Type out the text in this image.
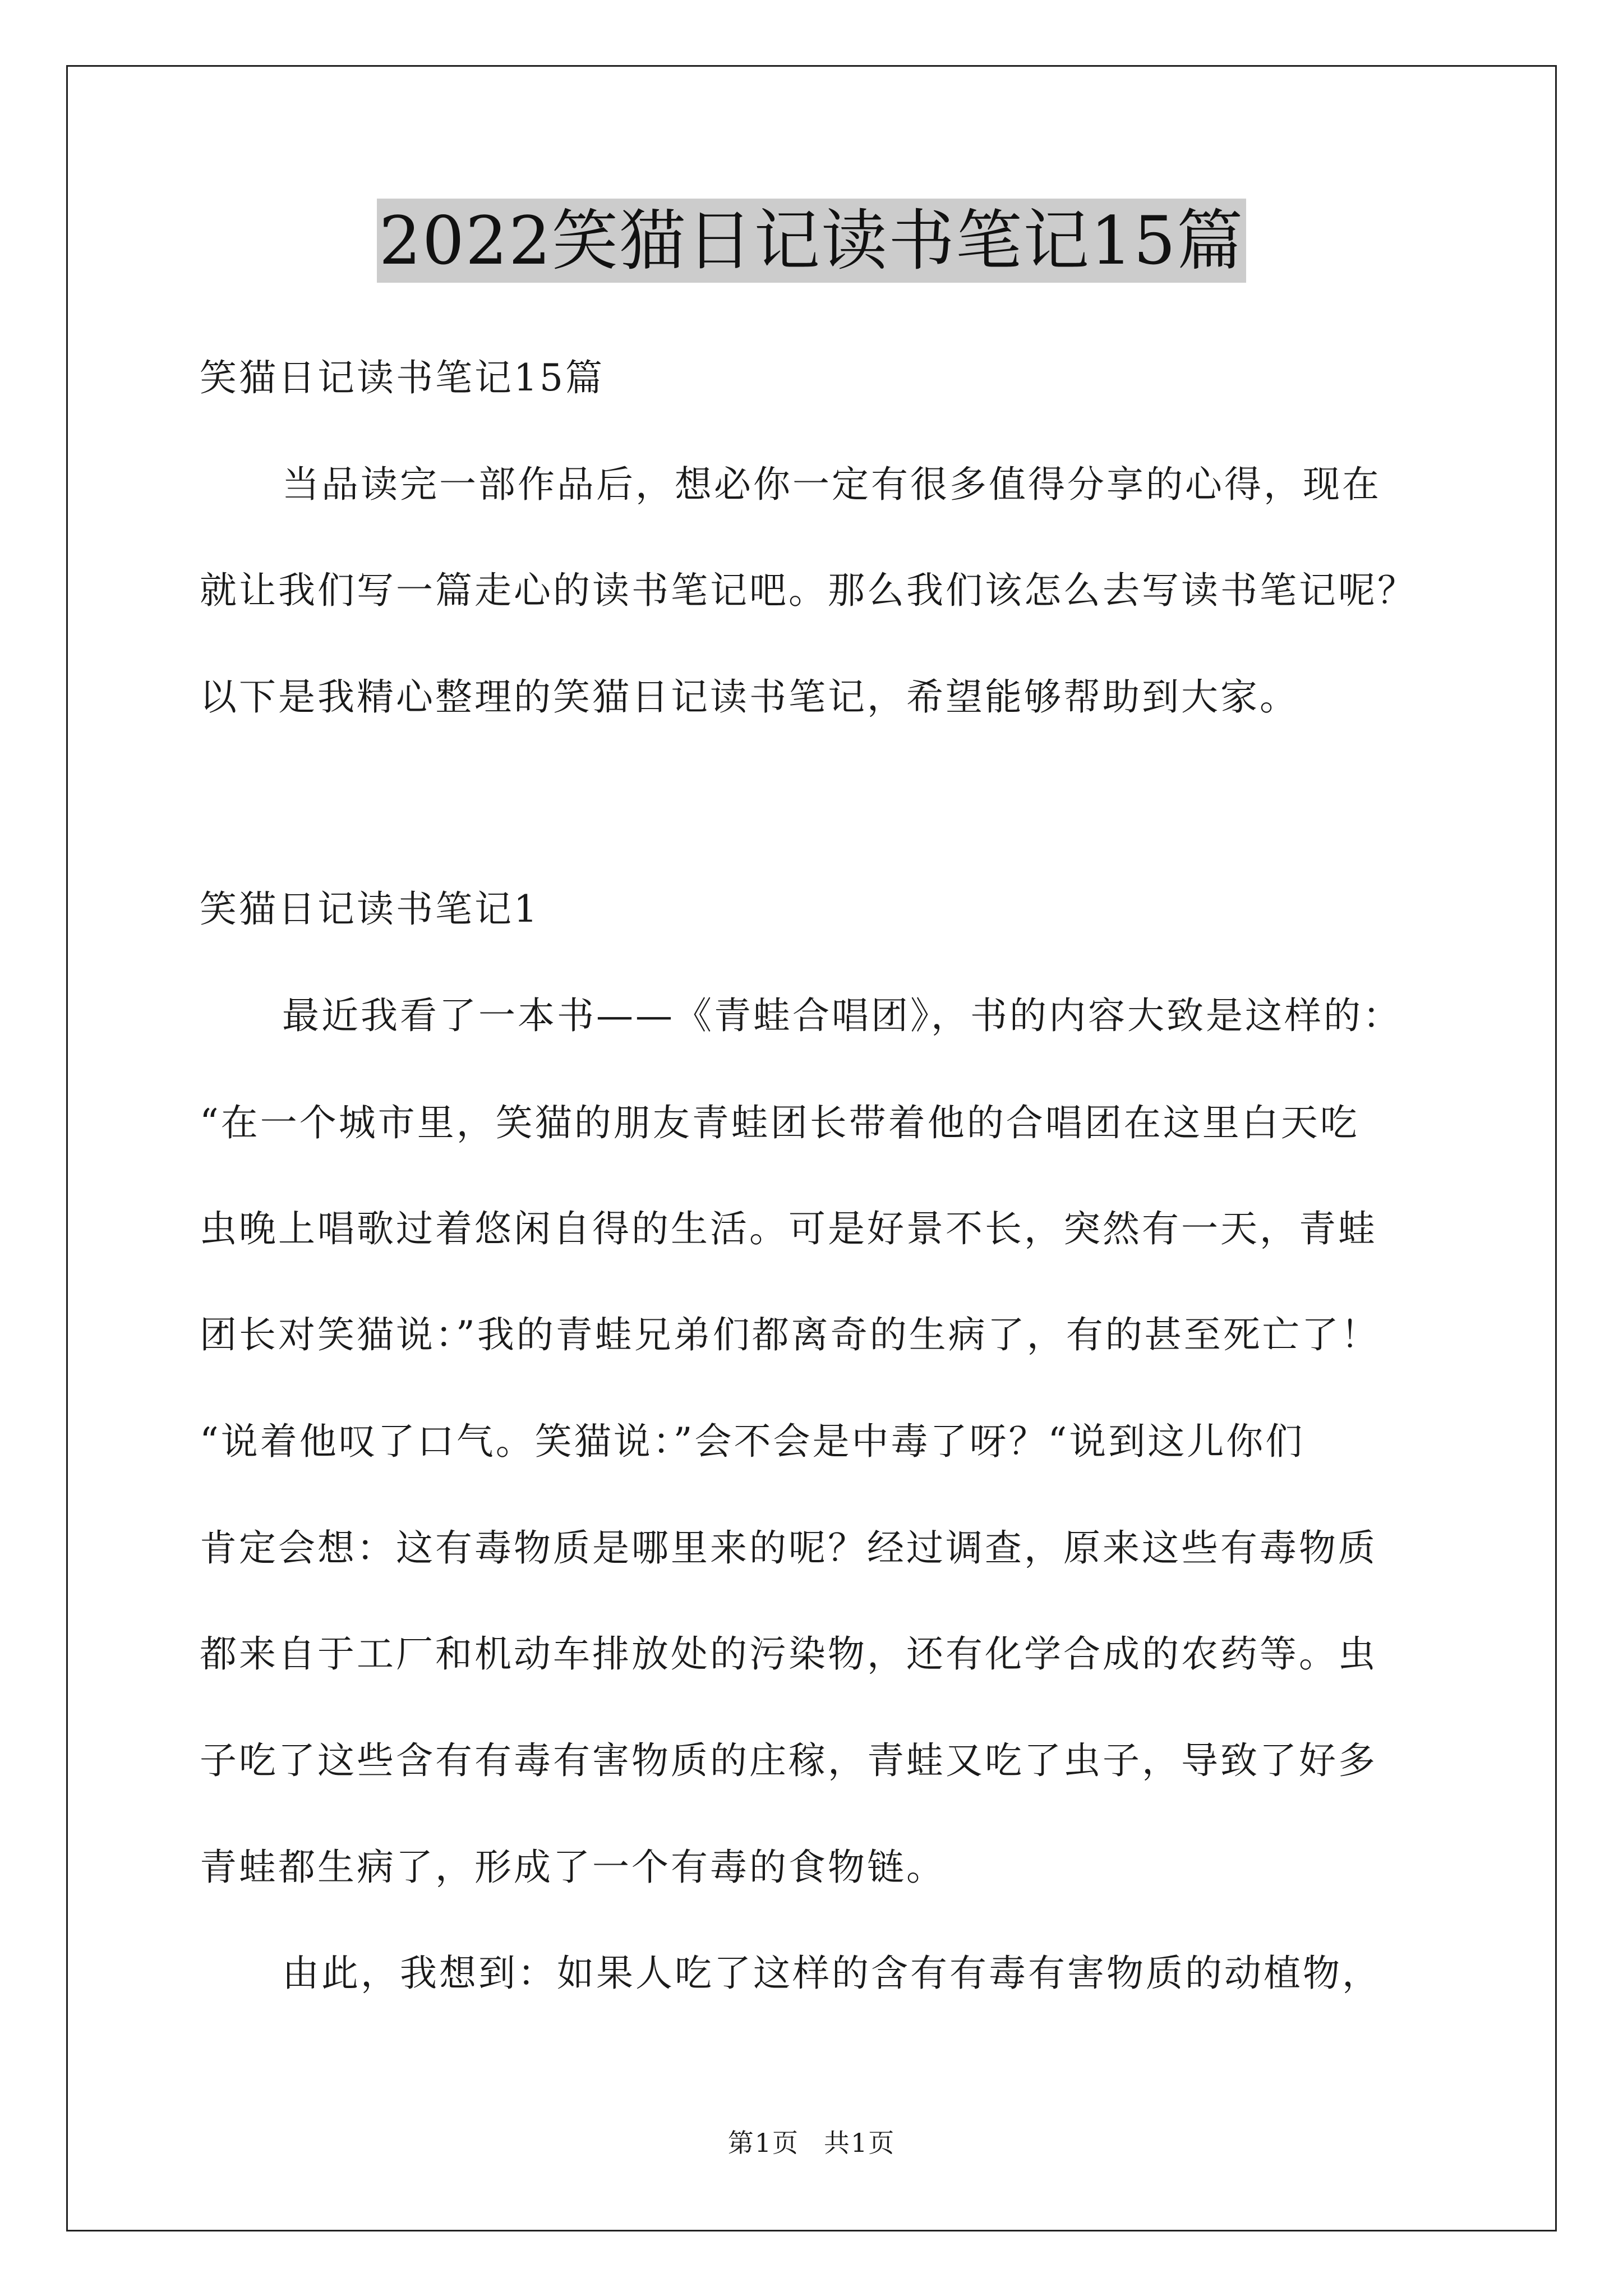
2022笑猫日记读书笔记15篇
笑猫日记读书笔记15篇
当品读完一部作品后，想必你一定有很多值得分享的心得，现在
就让我们写一篇走心的读书笔记吧。那么我们该怎么去写读书笔记呢？
以下是我精心整理的笑猫日记读书笔记，希望能够帮助到大家。
笑猫日记读书笔记1
最近我看了一本书——《青蛙合唱团》，书的内容大致是这样的：
“在一个城市里，笑猫的朋友青蛙团长带着他的合唱团在这里白天吃
虫晚上唱歌过着悠闲自得的生活。可是好景不长，突然有一天，青蛙
团长对笑猫说：”我的青蛙兄弟们都离奇的生病了，有的甚至死亡了！
“说着他叹了口气。笑猫说：”会不会是中毒了呀？“说到这儿你们
肯定会想：这有毒物质是哪里来的呢？经过调查，原来这些有毒物质
都来自于工厂和机动车排放处的污染物，还有化学合成的农药等。虫
子吃了这些含有有毒有害物质的庄稼，青蛙又吃了虫子，导致了好多
青蛙都生病了，形成了一个有毒的食物链。
由此，我想到：如果人吃了这样的含有有毒有害物质的动植物，
第1页 共1页
